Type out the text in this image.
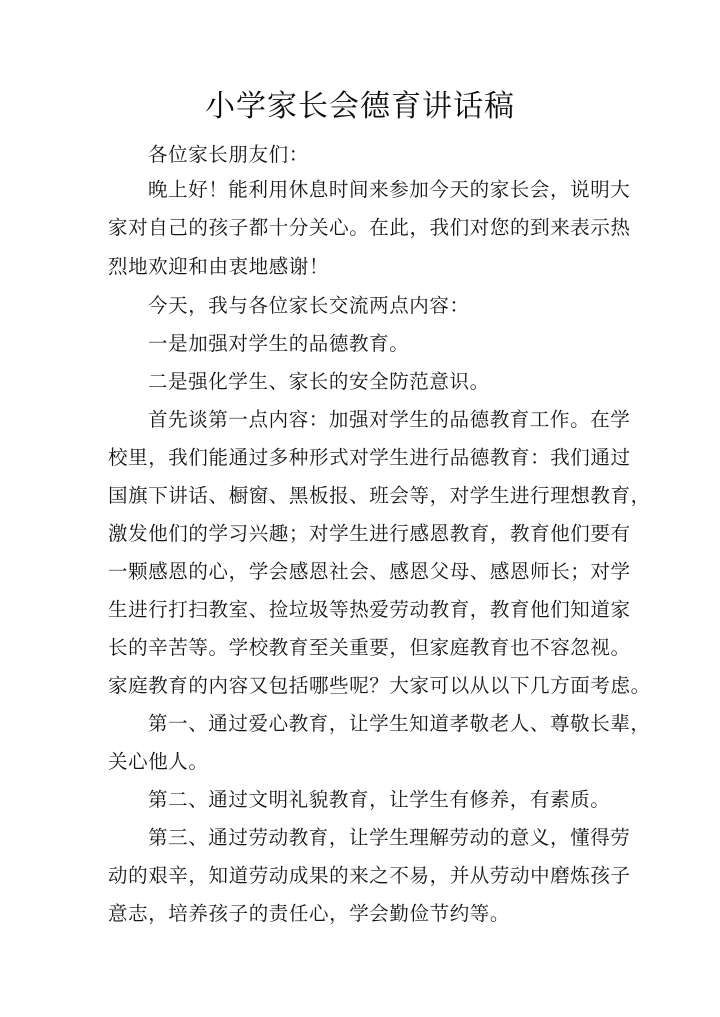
小学家长会德育讲话稿
各位家长朋友们：
晚上好！能利用休息时间来参加今天的家长会，说明大
家对自己的孩子都十分关心。在此，我们对您的到来表示热
烈地欢迎和由衷地感谢！
今天，我与各位家长交流两点内容：
一是加强对学生的品德教育。
二是强化学生、家长的安全防范意识。
首先谈第一点内容：加强对学生的品德教育工作。在学
校里，我们能通过多种形式对学生进行品德教育：我们通过
国旗下讲话、橱窗、黑板报、班会等，对学生进行理想教育，
激发他们的学习兴趣；对学生进行感恩教育，教育他们要有
一颗感恩的心，学会感恩社会、感恩父母、感恩师长；对学
生进行打扫教室、捡垃圾等热爱劳动教育，教育他们知道家
长的辛苦等。学校教育至关重要，但家庭教育也不容忽视。
家庭教育的内容又包括哪些呢？大家可以从以下几方面考虑。
第一、通过爱心教育，让学生知道孝敬老人、尊敬长辈，
关心他人。
第二、通过文明礼貌教育，让学生有修养，有素质。
第三、通过劳动教育，让学生理解劳动的意义，懂得劳
动的艰辛，知道劳动成果的来之不易，并从劳动中磨炼孩子
意志，培养孩子的责任心，学会勤俭节约等。
